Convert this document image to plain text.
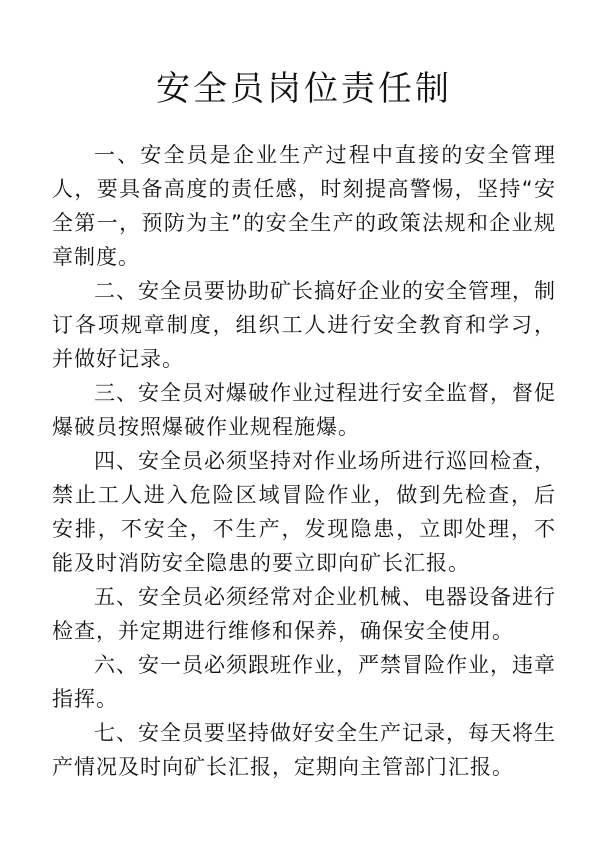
安全员岗位责任制

一、安全员是企业生产过程中直接的安全管理人，要具备高度的责任感，时刻提高警惕，坚持“安全第一，预防为主”的安全生产的政策法规和企业规章制度。

二、安全员要协助矿长搞好企业的安全管理，制订各项规章制度，组织工人进行安全教育和学习，并做好记录。

三、安全员对爆破作业过程进行安全监督，督促爆破员按照爆破作业规程施爆。

四、安全员必须坚持对作业场所进行巡回检查，禁止工人进入危险区域冒险作业，做到先检查，后安排，不安全，不生产，发现隐患，立即处理，不能及时消防安全隐患的要立即向矿长汇报。

五、安全员必须经常对企业机械、电器设备进行检查，并定期进行维修和保养，确保安全使用。

六、安一员必须跟班作业，严禁冒险作业，违章指挥。

七、安全员要坚持做好安全生产记录，每天将生产情况及时向矿长汇报，定期向主管部门汇报。
